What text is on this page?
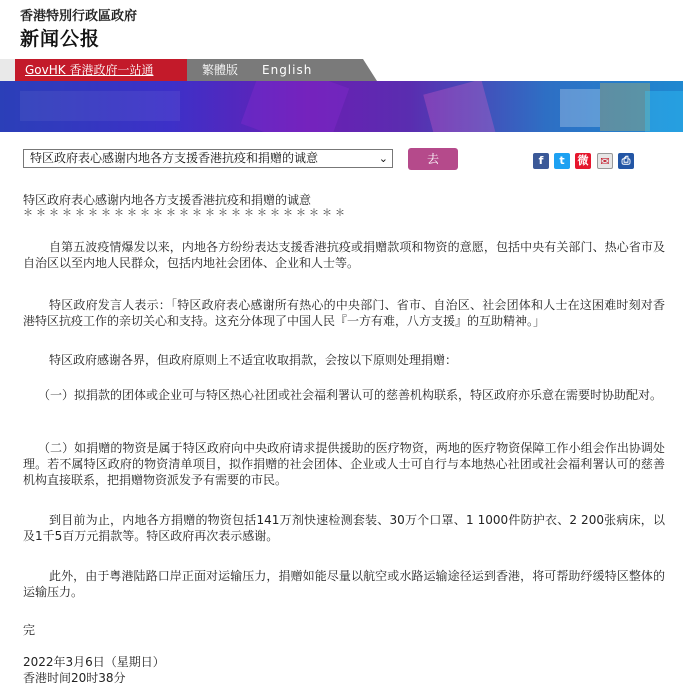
香港特別行政區政府
新闻公报
GovHK 香港政府一站通	繁體版 English
特区政府表心感谢内地各方支援香港抗疫和捐赠的诚意	⌄	去	f	t	微	✉	⎙
特区政府表心感谢内地各方支援香港抗疫和捐赠的诚意
＊＊＊＊＊＊＊＊＊＊＊＊＊＊＊＊＊＊＊＊＊＊＊＊＊
自第五波疫情爆发以来，内地各方纷纷表达支援香港抗疫或捐赠款项和物资的意愿，包括中央有关部门、热心省市及自治区以至内地人民群众，包括内地社会团体、企业和人士等。
特区政府发言人表示：「特区政府表心感谢所有热心的中央部门、省市、自治区、社会团体和人士在这困难时刻对香港特区抗疫工作的亲切关心和支持。这充分体现了中国人民『一方有难，八方支援』的互助精神。」
特区政府感谢各界，但政府原则上不适宜收取捐款，会按以下原则处理捐赠：
（一）拟捐款的团体或企业可与特区热心社团或社会福利署认可的慈善机构联系，特区政府亦乐意在需要时协助配对。
（二）如捐赠的物资是属于特区政府向中央政府请求提供援助的医疗物资，两地的医疗物资保障工作小组会作出协调处理。若不属特区政府的物资清单项目，拟作捐赠的社会团体、企业或人士可自行与本地热心社团或社会福利署认可的慈善机构直接联系，把捐赠物资派发予有需要的市民。
到目前为止，内地各方捐赠的物资包括141万剂快速检测套装、30万个口罩、1 1000件防护衣、2 200张病床，以及1千5百万元捐款等。特区政府再次表示感谢。
此外，由于粤港陆路口岸正面对运输压力，捐赠如能尽量以航空或水路运输途径运到香港，将可帮助纾缓特区整体的运输压力。
完
2022年3月6日（星期日）
香港时间20时38分
